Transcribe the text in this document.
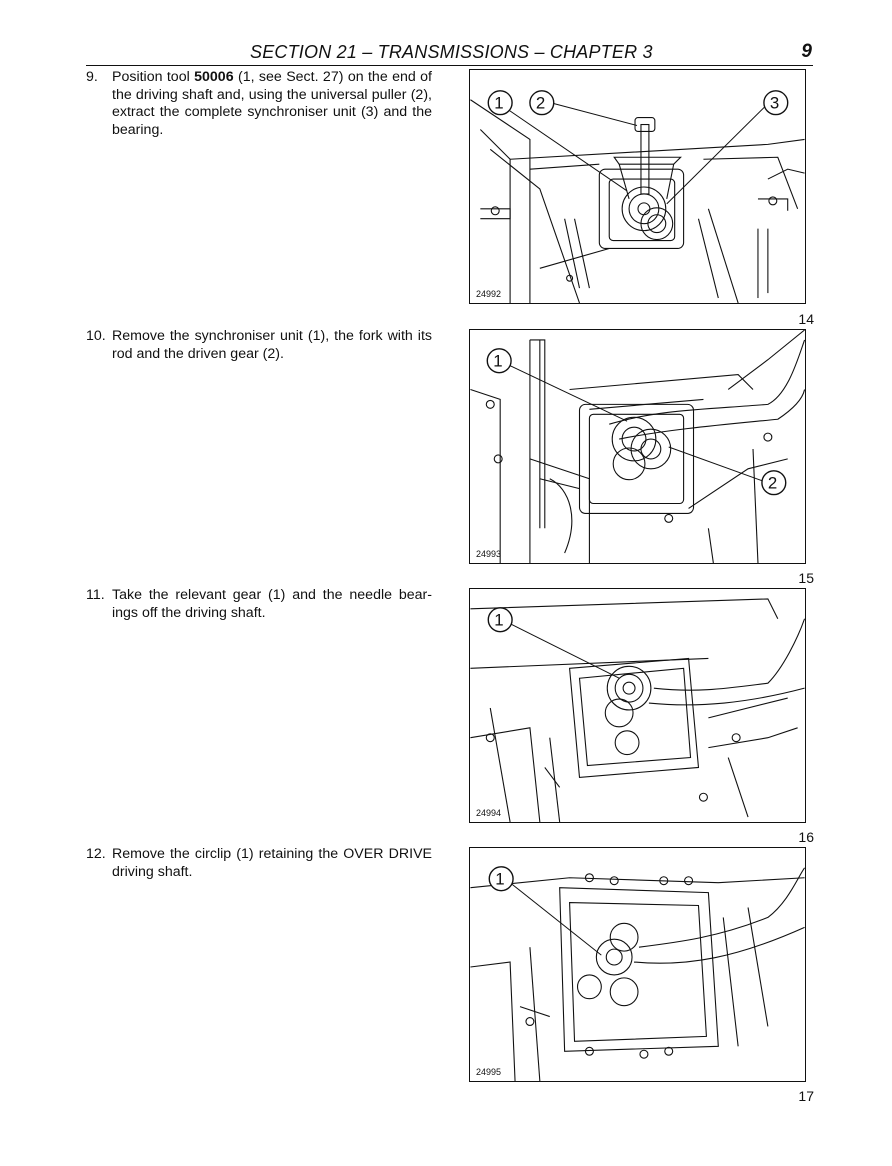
SECTION 21 – TRANSMISSIONS – CHAPTER 3	9
9. Position tool 50006 (1, see Sect. 27) on the end of the driving shaft and, using the universal puller (2), extract the complete synchroniser unit (3) and the bearing.
10. Remove the synchroniser unit (1), the fork with its rod and the driven gear (2).
11. Take the relevant gear (1) and the needle bear- ings off the driving shaft.
12. Remove the circlip (1) retaining the OVER DRIVE driving shaft.
1 2	3
24992
14
1
2
24993
15
1
24994
16
1
24995
17
